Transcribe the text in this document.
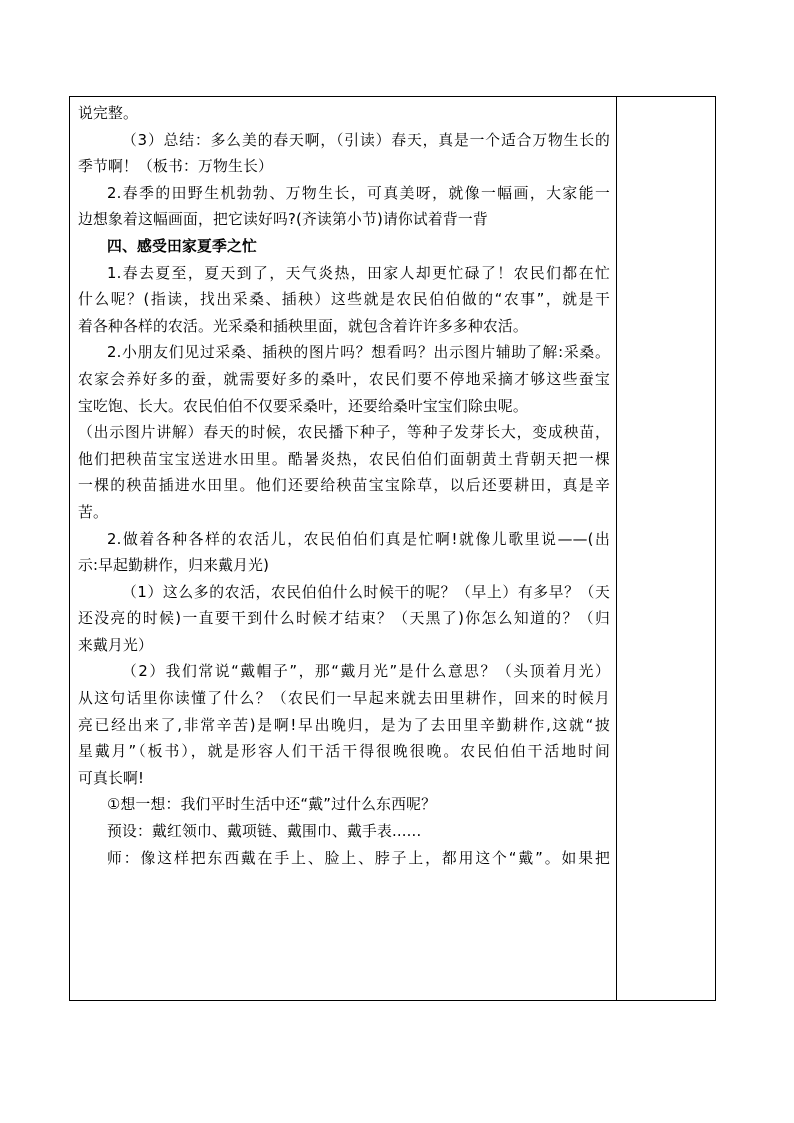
说完整。
（3）总结：多么美的春天啊，（引读）春天，真是一个适合万物生长的
季节啊！（板书：万物生长）
2.春季的田野生机勃勃、万物生长，可真美呀，就像一幅画，大家能一
边想象着这幅画面，把它读好吗?(齐读第小节)请你试着背一背
四、感受田家夏季之忙
1.春去夏至，夏天到了，天气炎热，田家人却更忙碌了！农民们都在忙
什么呢？(指读，找出采桑、插秧）这些就是农民伯伯做的“农事”，就是干
着各种各样的农活。光采桑和插秧里面，就包含着许许多多种农活。
2.小朋友们见过采桑、插秧的图片吗？想看吗？出示图片辅助了解:采桑。
农家会养好多的蚕，就需要好多的桑叶，农民们要不停地采摘才够这些蚕宝
宝吃饱、长大。农民伯伯不仅要采桑叶，还要给桑叶宝宝们除虫呢。
（出示图片讲解）春天的时候，农民播下种子，等种子发芽长大，变成秧苗，
他们把秧苗宝宝送进水田里。酷暑炎热，农民伯伯们面朝黄土背朝天把一棵
一棵的秧苗插进水田里。他们还要给秧苗宝宝除草，以后还要耕田，真是辛
苦。
2.做着各种各样的农活儿，农民伯伯们真是忙啊!就像儿歌里说——(出
示:早起勤耕作，归来戴月光)
（1）这么多的农活，农民伯伯什么时候干的呢？（早上）有多早？（天
还没亮的时候)一直要干到什么时候才结束？（天黑了)你怎么知道的？（归
来戴月光）
（2）我们常说“戴帽子”，那“戴月光”是什么意思？（头顶着月光）
从这句话里你读懂了什么？（农民们一早起来就去田里耕作，回来的时候月
亮已经出来了,非常辛苦)是啊!早出晚归，是为了去田里辛勤耕作,这就“披
星戴月”（板书），就是形容人们干活干得很晚很晚。农民伯伯干活地时间
可真长啊!
①想一想：我们平时生活中还“戴”过什么东西呢？
预设：戴红领巾、戴项链、戴围巾、戴手表......
师：像这样把东西戴在手上、脸上、脖子上，都用这个“戴”。如果把
